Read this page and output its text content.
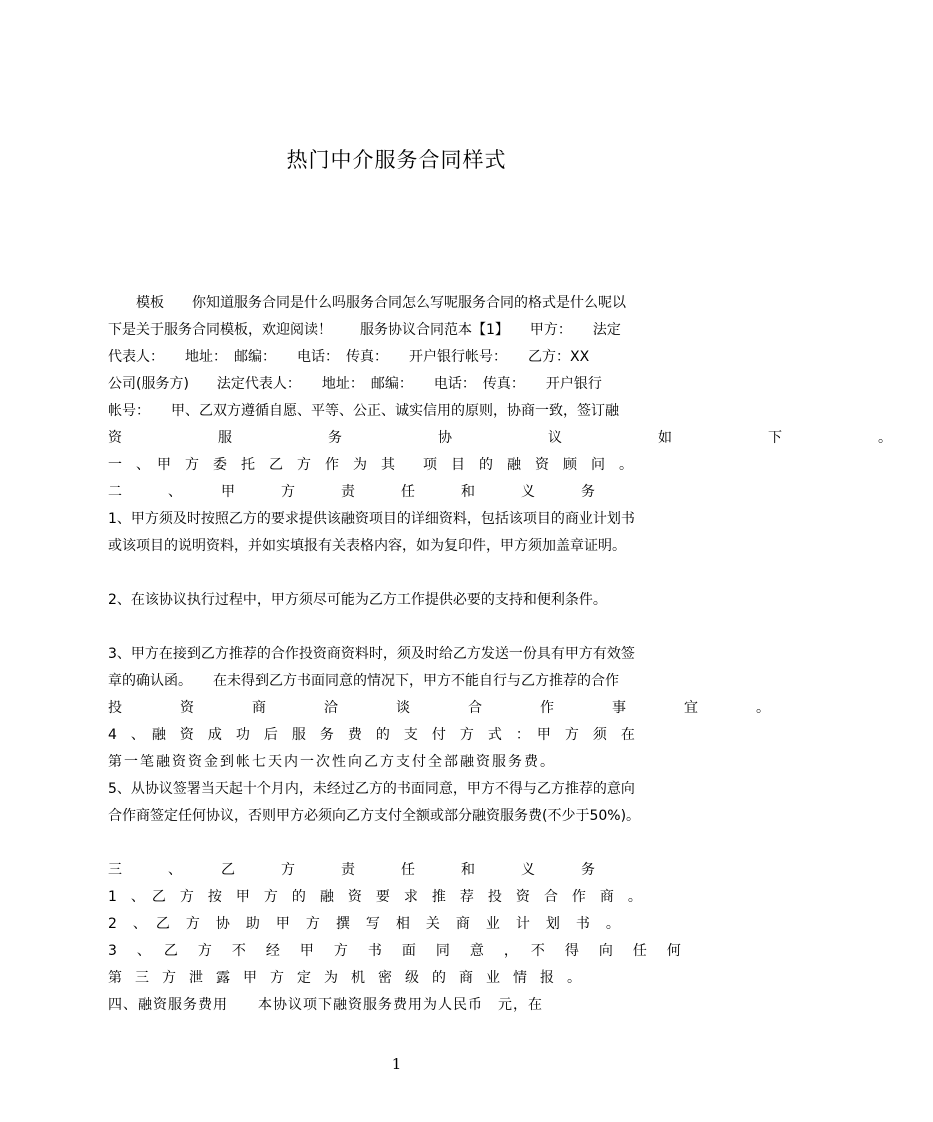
热门中介服务合同样式
　　模板　　你知道服务合同是什么吗服务合同怎么写呢服务合同的格式是什么呢以
下是关于服务合同模板，欢迎阅读！　　服务协议合同范本【1】　　甲方：　　法定
代表人：　　地址：　邮编：　　电话：　传真：　　开户银行帐号：　　乙方：XX
公司(服务方)　　法定代表人：　　地址：　邮编：　　电话：　传真：　　开户银行
帐号：　　甲、乙双方遵循自愿、平等、公正、诚实信用的原则，协商一致，签订融
资　服　务　协　议　如　下　。
一　、　甲　方　委　托　乙　方　作　为　其　　项　目　的　融　资　顾　问　。
二　、　甲　方　责　任　和　义　务
1、甲方须及时按照乙方的要求提供该融资项目的详细资料，包括该项目的商业计划书
或该项目的说明资料，并如实填报有关表格内容，如为复印件，甲方须加盖章证明。
2、在该协议执行过程中，甲方须尽可能为乙方工作提供必要的支持和便利条件。
3、甲方在接到乙方推荐的合作投资商资料时，须及时给乙方发送一份具有甲方有效签
章的确认函。　　在未得到乙方书面同意的情况下，甲方不能自行与乙方推荐的合作
投　资　商　洽　谈　合　作　事　宜　。
4　、　融　资　成　功　后　服　务　费　的　支　付　方　式　：　甲　方　须　在
第一笔融资资金到帐七天内一次性向乙方支付全部融资服务费。
5、从协议签署当天起十个月内，未经过乙方的书面同意，甲方不得与乙方推荐的意向
合作商签定任何协议，否则甲方必须向乙方支付全额或部分融资服务费(不少于50%)。
三　、　乙　方　责　任　和　义　务
1　、　乙　方　按　甲　方　的　融　资　要　求　推　荐　投　资　合　作　商　。
2　、　乙　方　协　助　甲　方　撰　写　相　关　商　业　计　划　书　。
3　、　乙　方　不　经　甲　方　书　面　同　意　，　不　得　向　任　何
第三方泄露甲方定为机密级的商业情报。
四、融资服务费用　　本协议项下融资服务费用为人民币　元，在
1
